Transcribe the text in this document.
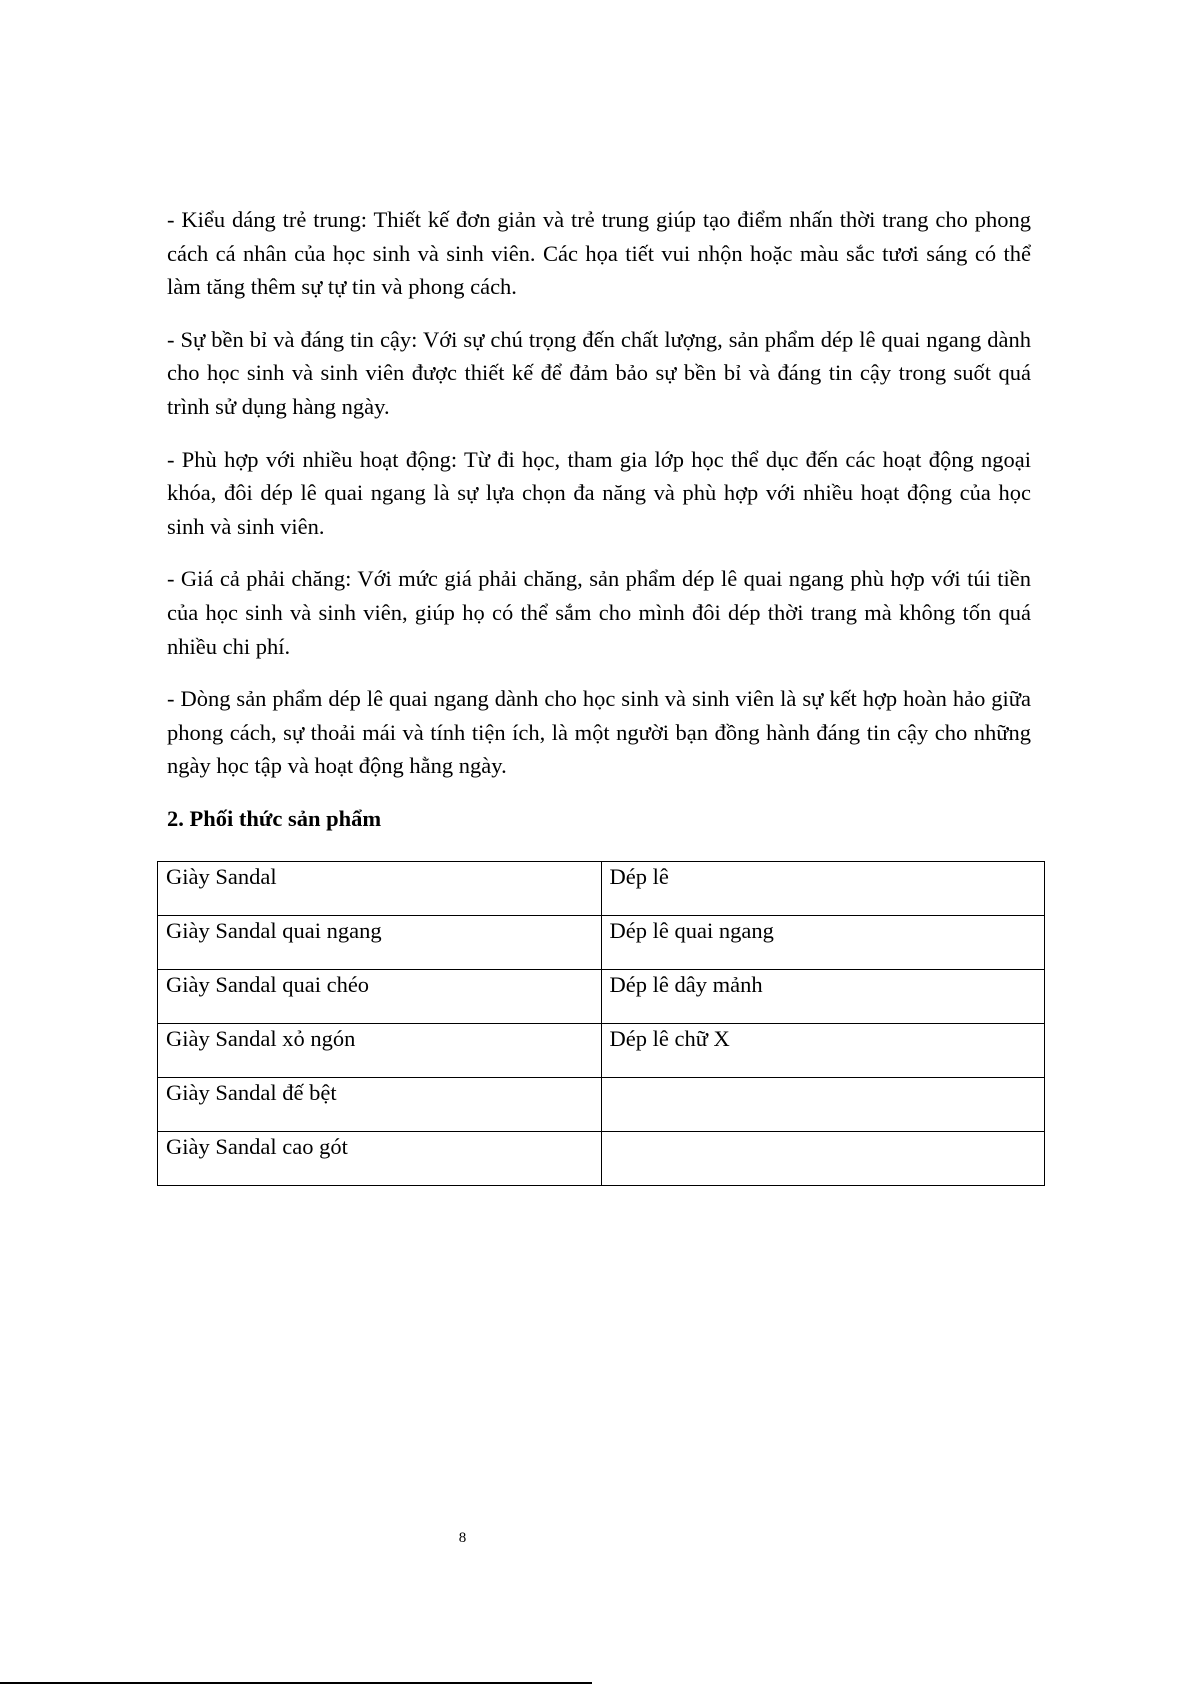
- Kiểu dáng trẻ trung: Thiết kế đơn giản và trẻ trung giúp tạo điểm nhấn thời trang cho phong cách cá nhân của học sinh và sinh viên. Các họa tiết vui nhộn hoặc màu sắc tươi sáng có thể làm tăng thêm sự tự tin và phong cách.

- Sự bền bỉ và đáng tin cậy: Với sự chú trọng đến chất lượng, sản phẩm dép lê quai ngang dành cho học sinh và sinh viên được thiết kế để đảm bảo sự bền bỉ và đáng tin cậy trong suốt quá trình sử dụng hàng ngày.

- Phù hợp với nhiều hoạt động: Từ đi học, tham gia lớp học thể dục đến các hoạt động ngoại khóa, đôi dép lê quai ngang là sự lựa chọn đa năng và phù hợp với nhiều hoạt động của học sinh và sinh viên.

- Giá cả phải chăng: Với mức giá phải chăng, sản phẩm dép lê quai ngang phù hợp với túi tiền của học sinh và sinh viên, giúp họ có thể sắm cho mình đôi dép thời trang mà không tốn quá nhiều chi phí.

- Dòng sản phẩm dép lê quai ngang dành cho học sinh và sinh viên là sự kết hợp hoàn hảo giữa phong cách, sự thoải mái và tính tiện ích, là một người bạn đồng hành đáng tin cậy cho những ngày học tập và hoạt động hằng ngày.

2. Phối thức sản phẩm

Giày Sandal	Dép lê
Giày Sandal quai ngang	Dép lê quai ngang
Giày Sandal quai chéo	Dép lê dây mảnh
Giày Sandal xỏ ngón	Dép lê chữ X
Giày Sandal đế bệt	
Giày Sandal cao gót	
8
